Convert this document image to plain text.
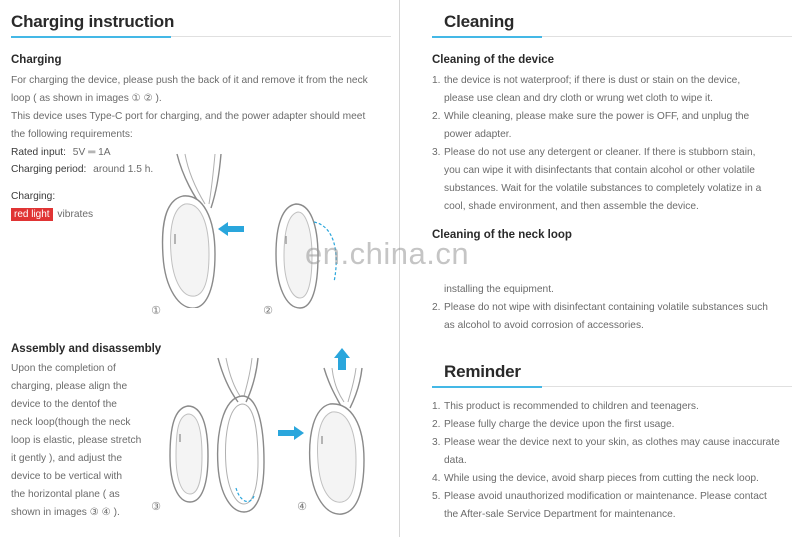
Charging instruction
Charging
For charging the device, please push the back of it and remove it from the neck loop ( as shown in images ① ② ).
This device uses Type-C port for charging, and the power adapter should meet the following requirements:
Rated input: 5V ═ 1A
Charging period: around 1.5 h.
Charging:
red light vibrates
①	②
Assembly and disassembly
Upon the completion of
charging, please align the
device to the dentof the
neck loop(though the neck
loop is elastic, please stretch
it gently ), and adjust the
device to be vertical with
the horizontal plane ( as
shown in images ③ ④ ).	③	④
Cleaning
Cleaning of the device
1. the device is not waterproof; if there is dust or stain on the device,
please use clean and dry cloth or wrung wet cloth to wipe it.
2. While cleaning, please make sure the power is OFF, and unplug the
power adapter.
3. Please do not use any detergent or cleaner. If there is stubborn stain,
you can wipe it with disinfectants that contain alcohol or other volatile
substances. Wait for the volatile substances to completely volatize in a
cool, shade environment, and then assemble the device.
Cleaning of the neck loop
installing the equipment.
2. Please do not wipe with disinfectant containing volatile substances such
as alcohol to avoid corrosion of accessories.
Reminder
1. This product is recommended to children and teenagers.
2. Please fully charge the device upon the first usage.
3. Please wear the device next to your skin, as clothes may cause inaccurate
data.
4. While using the device, avoid sharp pieces from cutting the neck loop.
5. Please avoid unauthorized modification or maintenance. Please contact
the After-sale Service Department for maintenance.
en.china.cn
